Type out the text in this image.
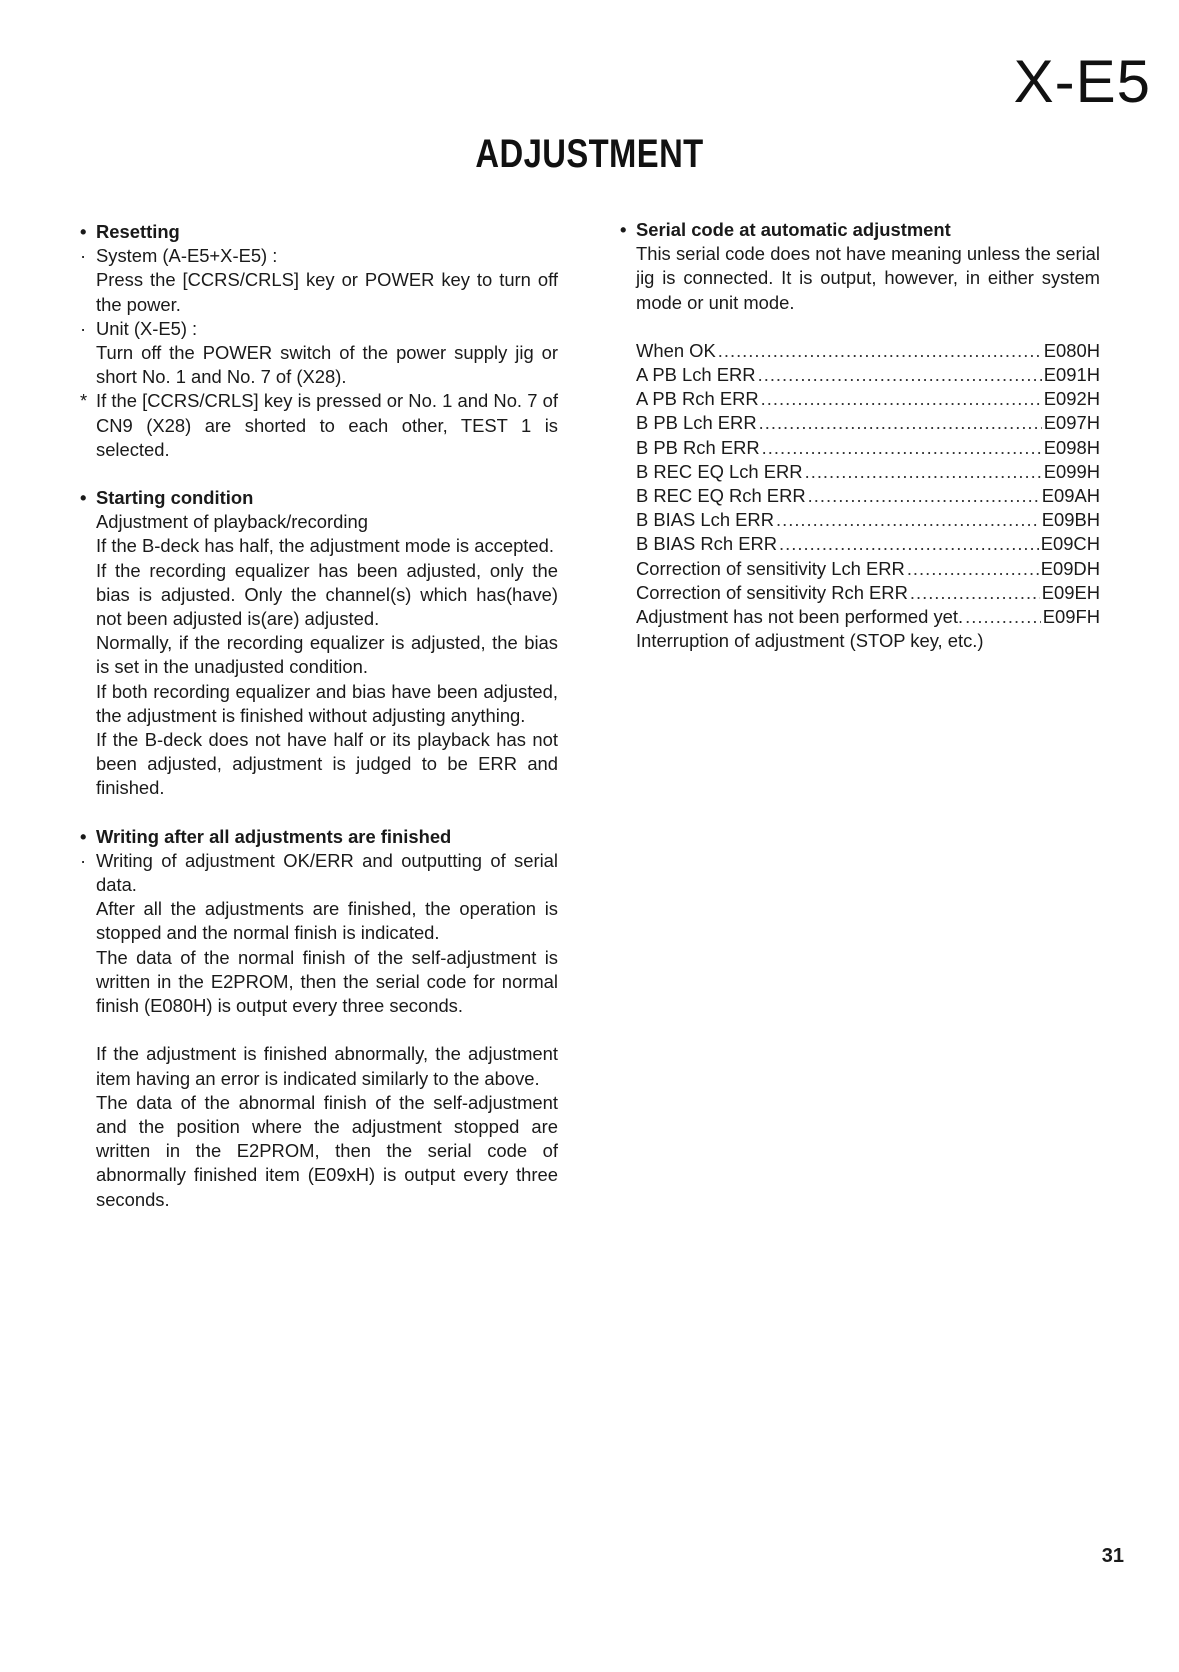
X-E5
ADJUSTMENT
• Resetting
· System (A-E5+X-E5) :

Press the [CCRS/CRLS] key or POWER key to turn off the power.

· Unit (X-E5) :

Turn off the POWER switch of the power supply jig or short No. 1 and No. 7 of (X28).

* If the [CCRS/CRLS] key is pressed or No. 1 and No. 7 of CN9 (X28) are shorted to each other, TEST 1 is selected.

• Starting condition

Adjustment of playback/recording

If the B-deck has half, the adjustment mode is accepted.

If the recording equalizer has been adjusted, only the bias is adjusted. Only the channel(s) which has(have) not been adjusted is(are) adjusted.

Normally, if the recording equalizer is adjusted, the bias is set in the unadjusted condition.

If both recording equalizer and bias have been adjusted, the adjustment is finished without adjusting anything.

If the B-deck does not have half or its playback has not been adjusted, adjustment is judged to be ERR and finished.

• Writing after all adjustments are finished
· Writing of adjustment OK/ERR and outputting of serial data.

After all the adjustments are finished, the operation is stopped and the normal finish is indicated.

The data of the normal finish of the self-adjustment is written in the E2PROM, then the serial code for normal finish (E080H) is output every three seconds.

If the adjustment is finished abnormally, the adjustment item having an error is indicated similarly to the above.

The data of the abnormal finish of the self-adjustment and the position where the adjustment stopped are written in the E2PROM, then the serial code of abnormally finished item (E09xH) is output every three seconds.

• Serial code at automatic adjustment

This serial code does not have meaning unless the serial jig is connected. It is output, however, in either system mode or unit mode.

When OK .....	E080H
A PB Lch ERR .....	E091H
A PB Rch ERR .....	E092H
B PB Lch ERR .....	E097H
B PB Rch ERR .....	E098H
B REC EQ Lch ERR .....	E099H
B REC EQ Rch ERR .....	E09AH
B BIAS Lch ERR .....	E09BH
B BIAS Rch ERR .....	E09CH
Correction of sensitivity Lch ERR .....	E09DH
Correction of sensitivity Rch ERR .....	E09EH
Adjustment has not been performed yet. .....	E09FH

Interruption of adjustment (STOP key, etc.)

31
